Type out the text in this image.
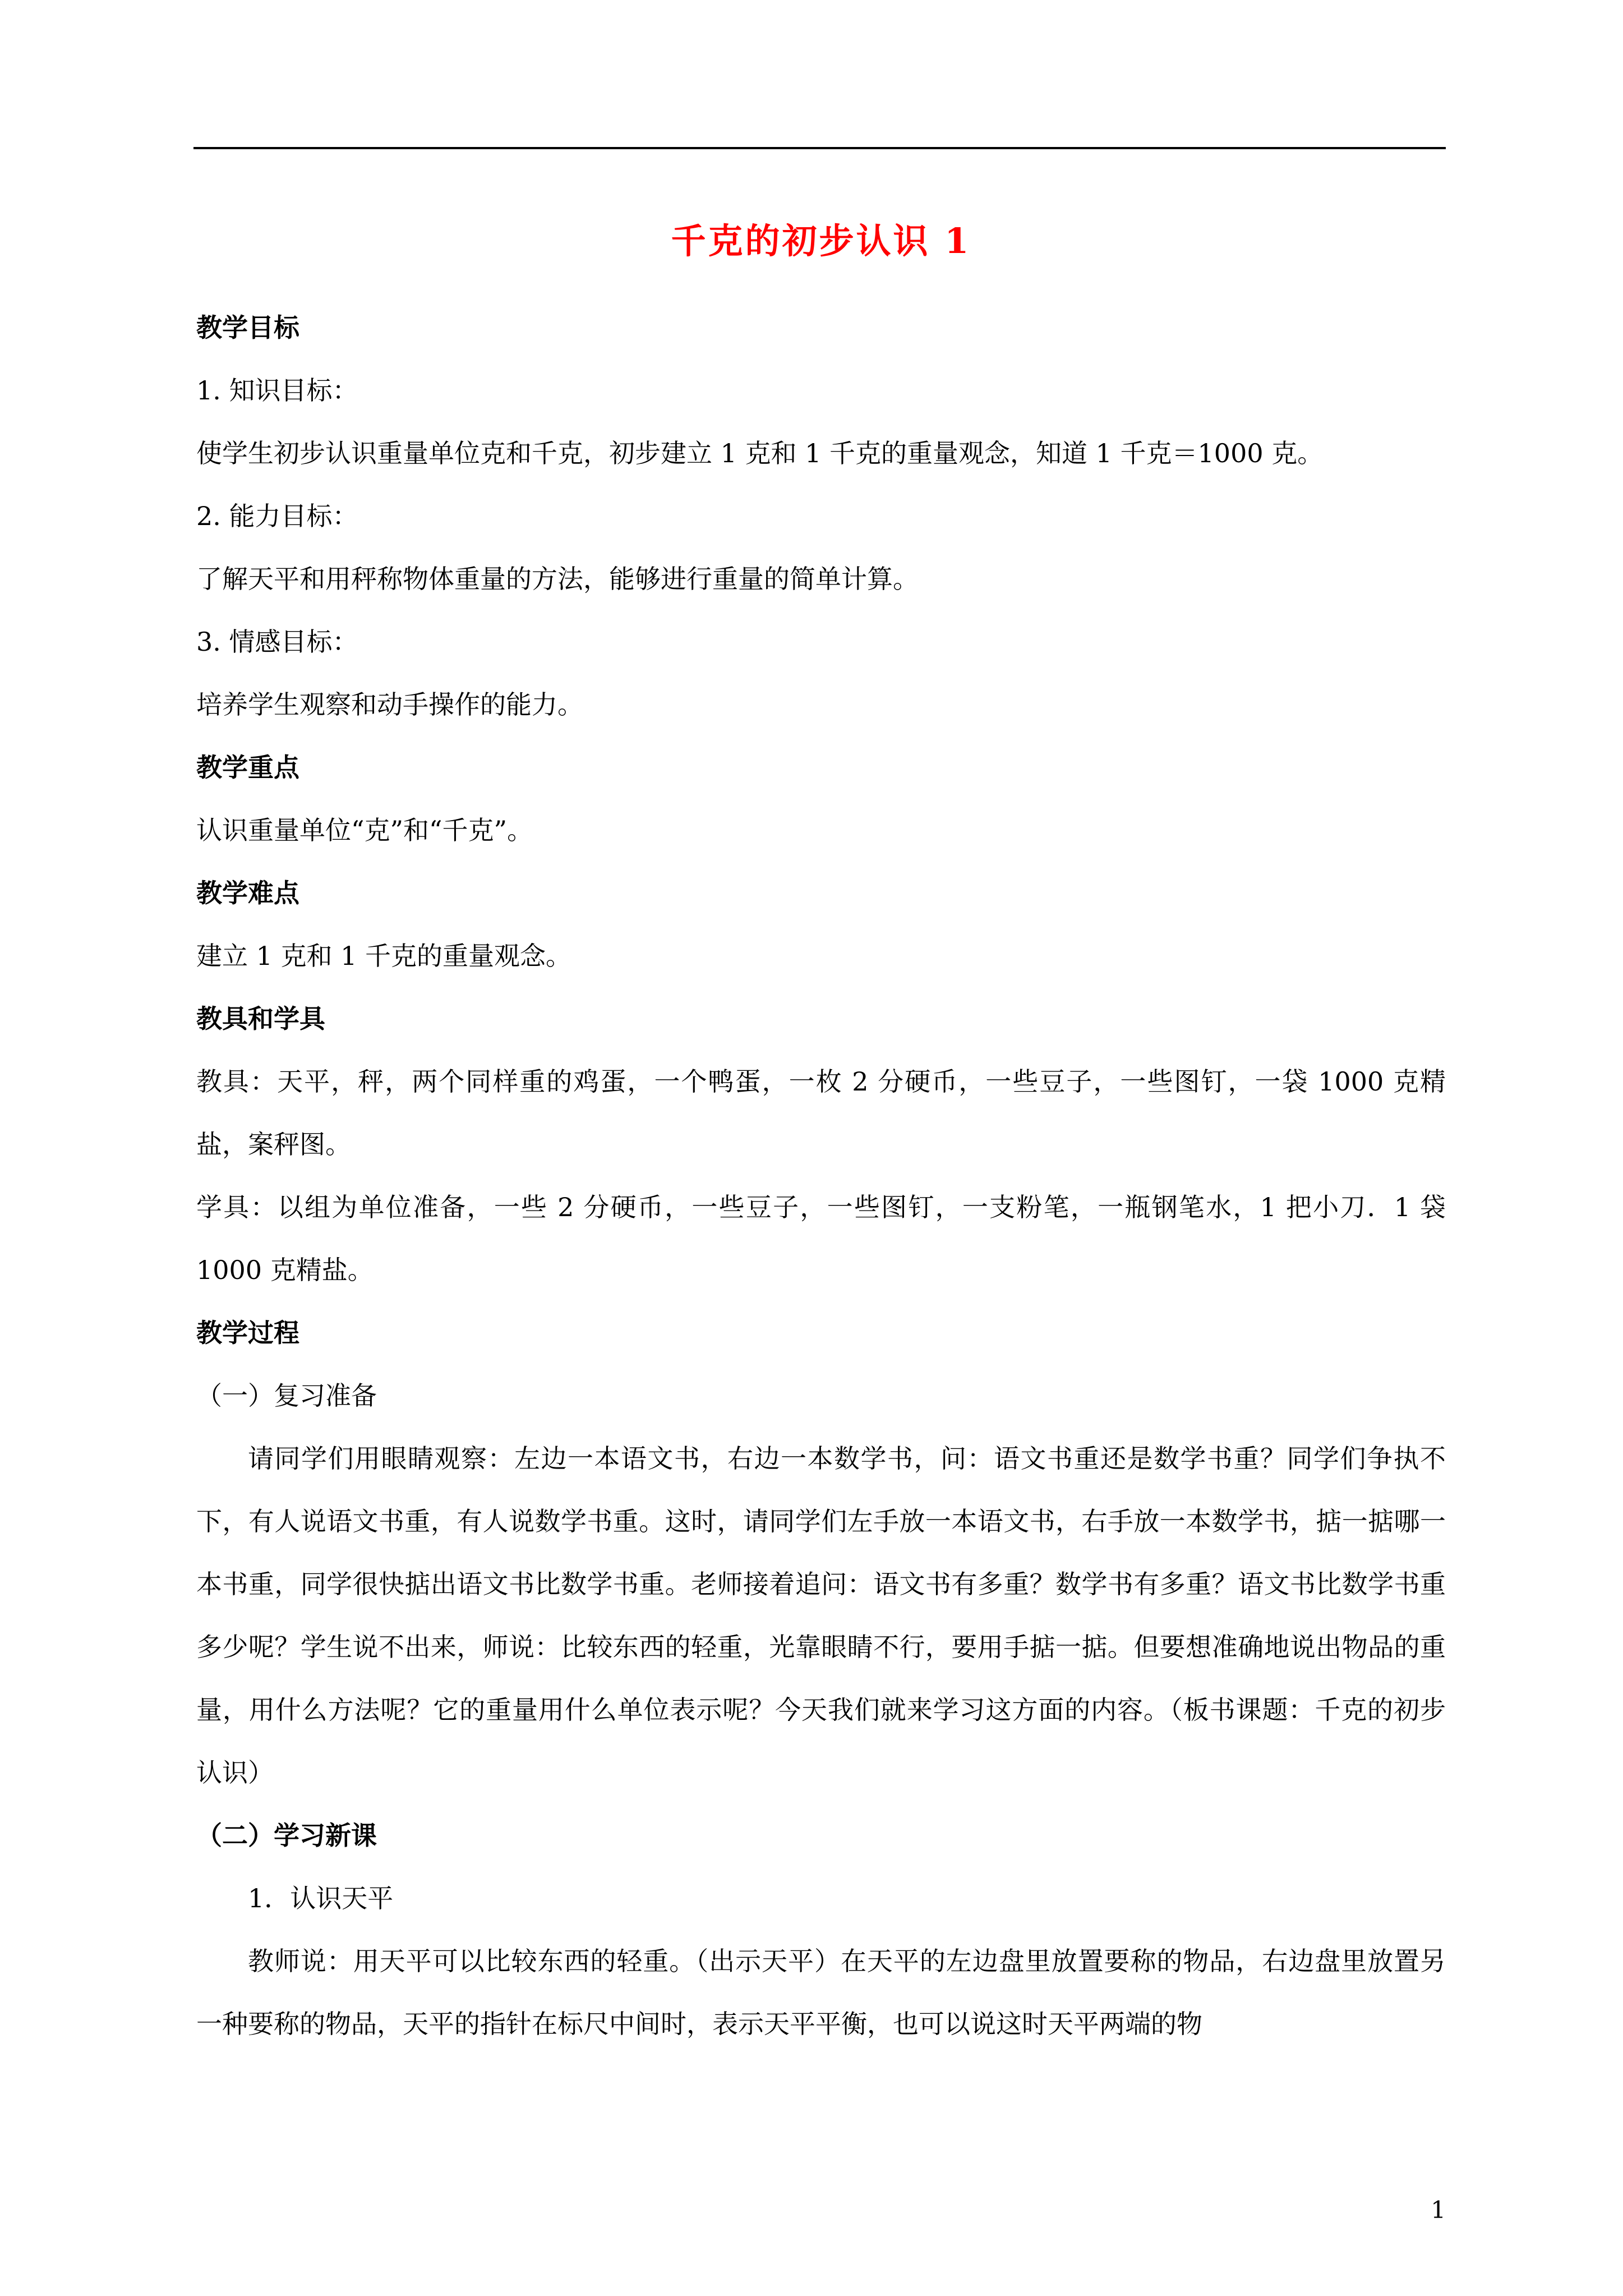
千克的初步认识 1

教学目标

1. 知识目标：

使学生初步认识重量单位克和千克，初步建立 1 克和 1 千克的重量观念，知道 1 千克＝1000 克。

2. 能力目标：

了解天平和用秤称物体重量的方法，能够进行重量的简单计算。

3. 情感目标：

培养学生观察和动手操作的能力。

教学重点

认识重量单位“克”和“千克”。

教学难点

建立 1 克和 1 千克的重量观念。

教具和学具

教具：天平，秤，两个同样重的鸡蛋，一个鸭蛋，一枚 2 分硬币，一些豆子，一些图钉，一袋 1000 克精盐，案秤图。

学具：以组为单位准备，一些 2 分硬币，一些豆子，一些图钉，一支粉笔，一瓶钢笔水，1 把小刀．1 袋 1000 克精盐。

教学过程

（一）复习准备

请同学们用眼睛观察：左边一本语文书，右边一本数学书，问：语文书重还是数学书重？同学们争执不下，有人说语文书重，有人说数学书重。这时，请同学们左手放一本语文书，右手放一本数学书，掂一掂哪一本书重，同学很快掂出语文书比数学书重。老师接着追问：语文书有多重？数学书有多重？语文书比数学书重多少呢？学生说不出来，师说：比较东西的轻重，光靠眼睛不行，要用手掂一掂。但要想准确地说出物品的重量，用什么方法呢？它的重量用什么单位表示呢？今天我们就来学习这方面的内容。（板书课题：千克的初步认识）

（二）学习新课

1．认识天平

教师说：用天平可以比较东西的轻重。（出示天平）在天平的左边盘里放置要称的物品，右边盘里放置另一种要称的物品，天平的指针在标尺中间时，表示天平平衡，也可以说这时天平两端的物

1
